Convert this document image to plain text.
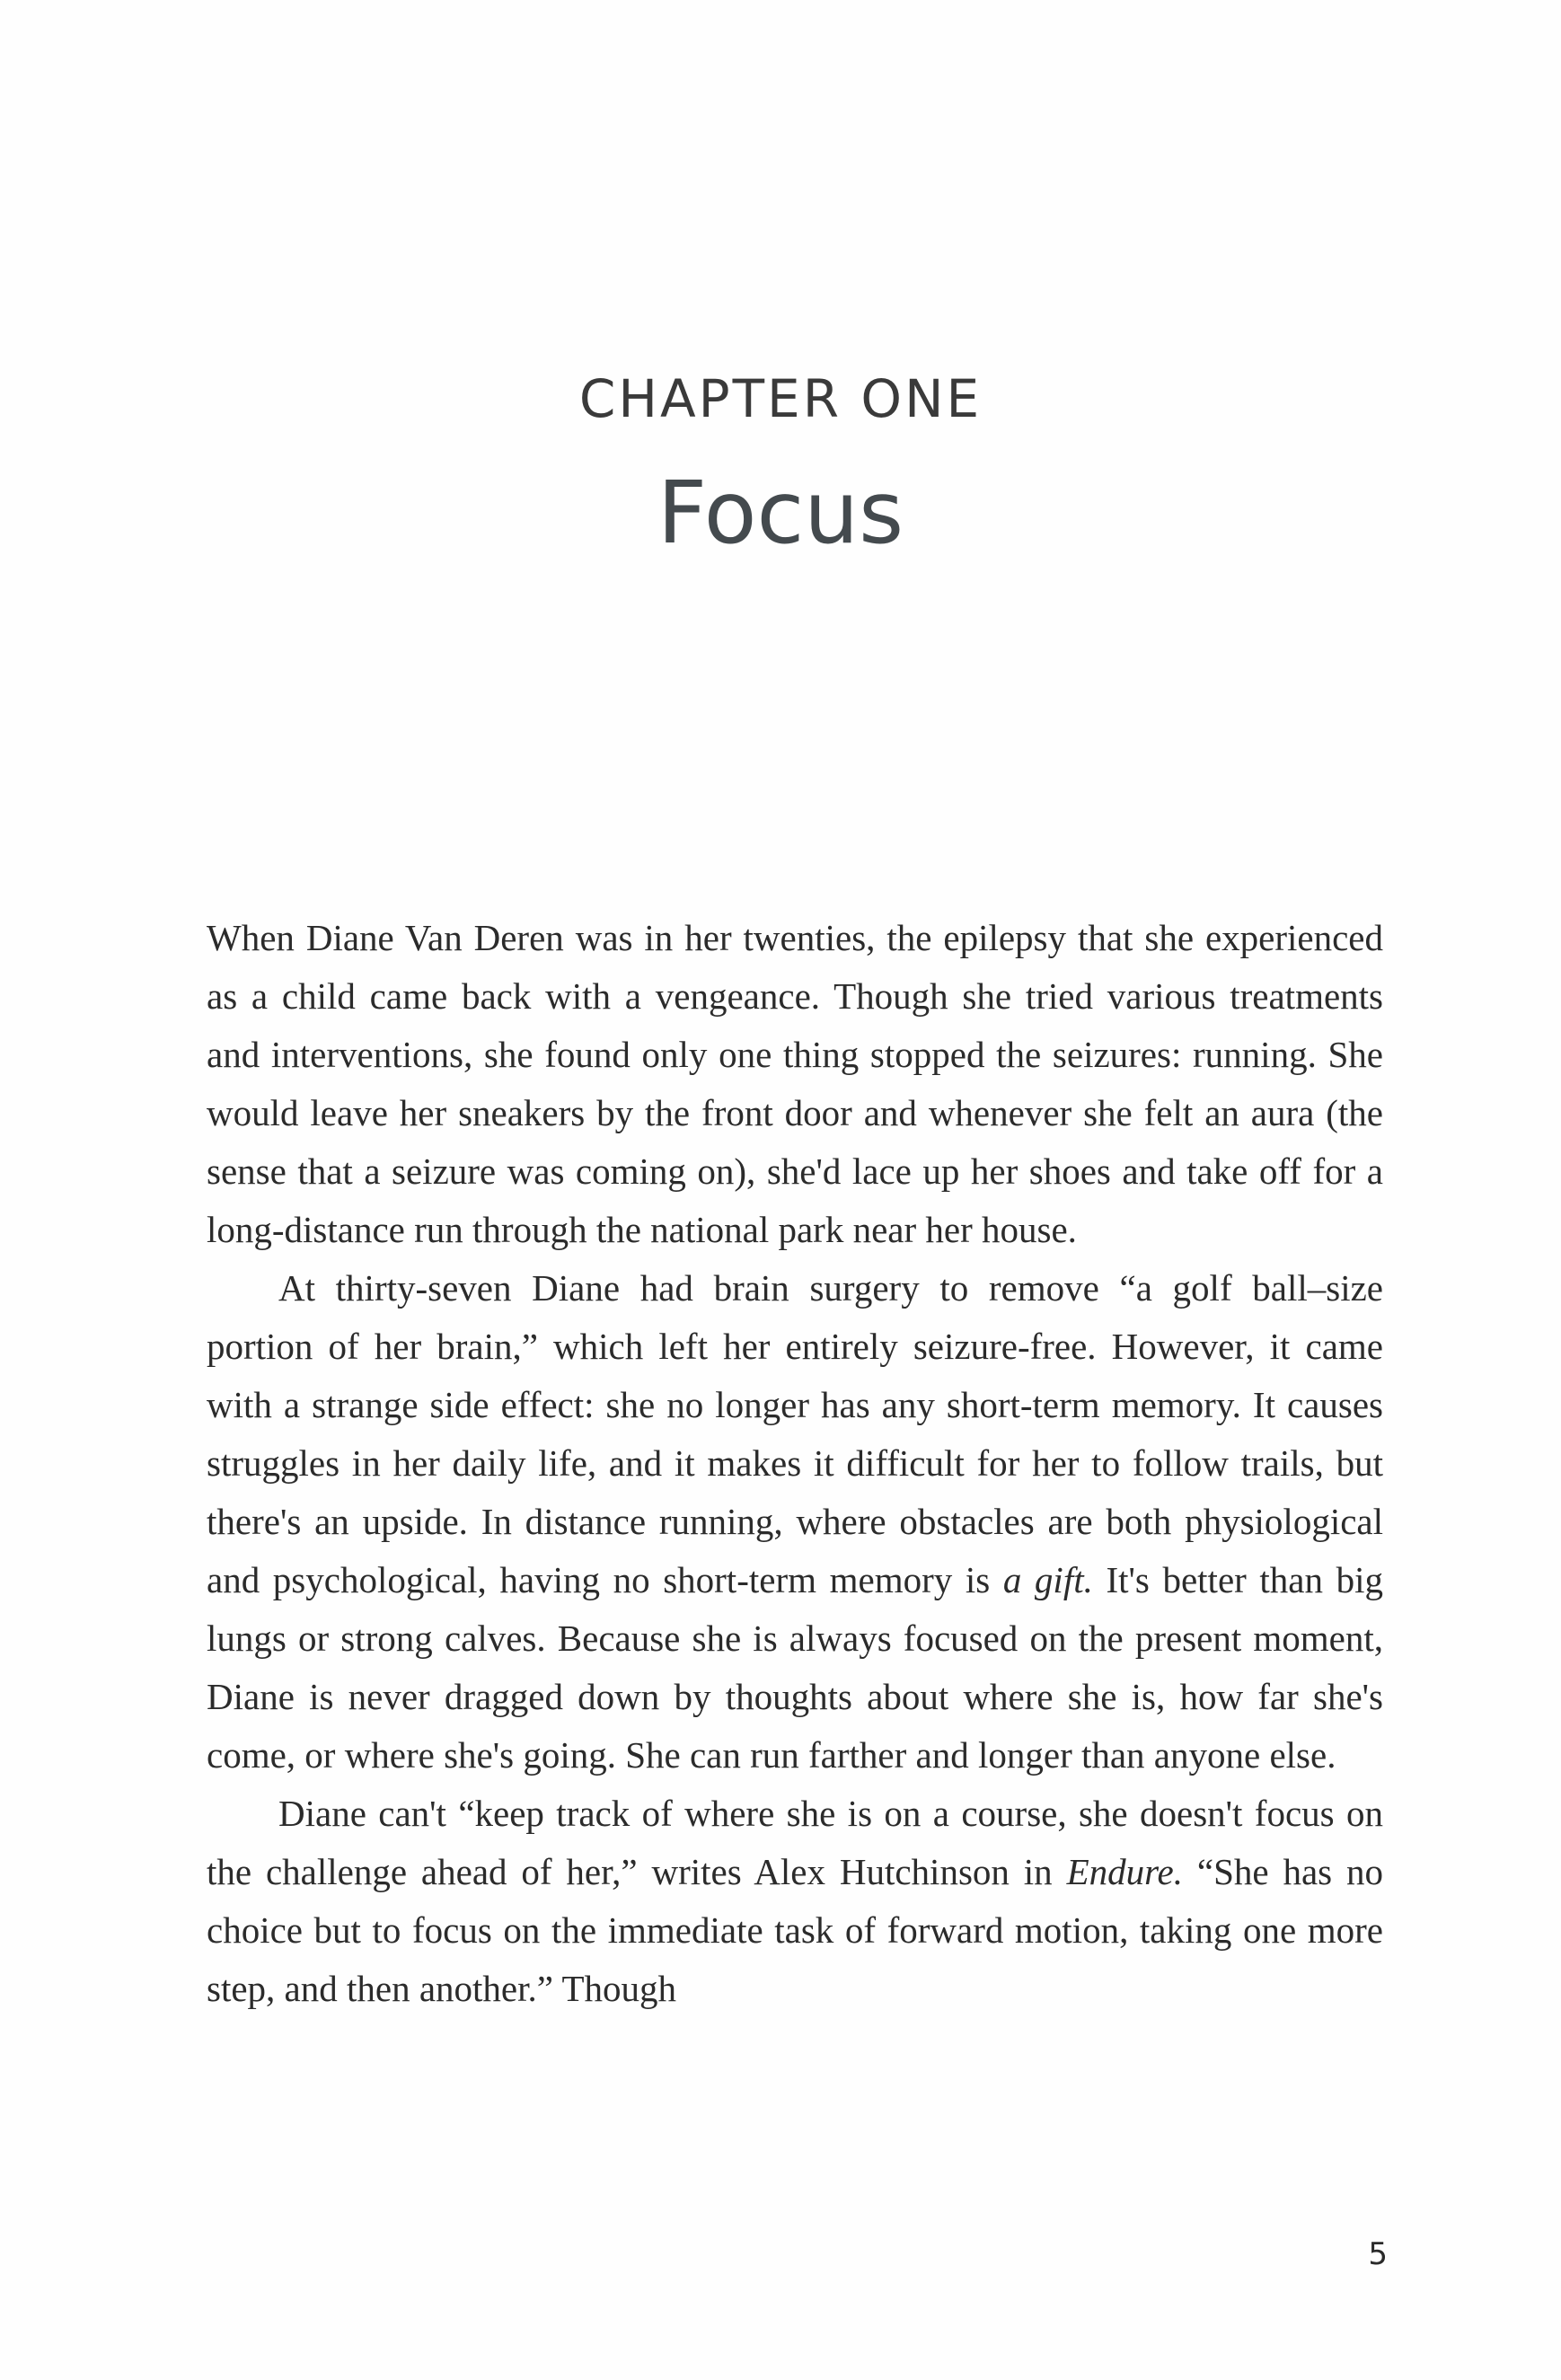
CHAPTER ONE
Focus

When Diane Van Deren was in her twenties, the epilepsy that she experienced as a child came back with a vengeance. Though she tried various treatments and interventions, she found only one thing stopped the seizures: running. She would leave her sneakers by the front door and whenever she felt an aura (the sense that a seizure was coming on), she'd lace up her shoes and take off for a long-distance run through the national park near her house.

At thirty-seven Diane had brain surgery to remove “a golf ball–size portion of her brain,” which left her entirely seizure-free. However, it came with a strange side effect: she no longer has any short-term memory. It causes struggles in her daily life, and it makes it difficult for her to follow trails, but there's an upside. In distance running, where obstacles are both physiological and psychological, having no short-term memory is a gift. It's better than big lungs or strong calves. Because she is always focused on the present moment, Diane is never dragged down by thoughts about where she is, how far she's come, or where she's going. She can run farther and longer than anyone else.

Diane can't “keep track of where she is on a course, she doesn't focus on the challenge ahead of her,” writes Alex Hutchinson in Endure. “She has no choice but to focus on the immediate task of forward motion, taking one more step, and then another.” Though

5
